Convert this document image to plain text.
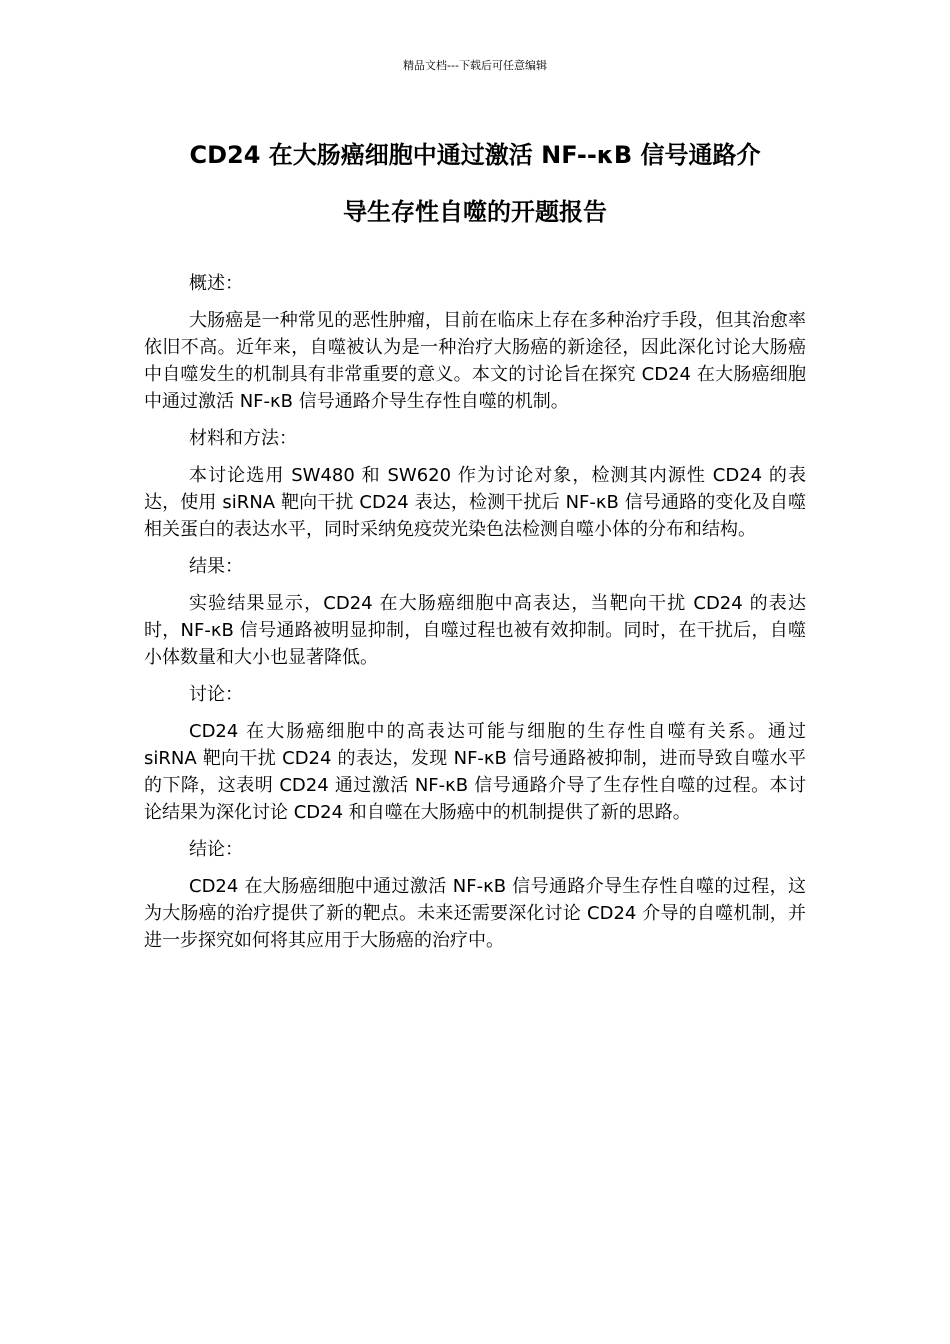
精品文档---下载后可任意编辑
CD24 在大肠癌细胞中通过激活 NF--κB 信号通路介
导生存性自噬的开题报告

概述：

大肠癌是一种常见的恶性肿瘤，目前在临床上存在多种治疗手段，但其治愈率依旧不高。近年来，自噬被认为是一种治疗大肠癌的新途径，因此深化讨论大肠癌中自噬发生的机制具有非常重要的意义。本文的讨论旨在探究 CD24 在大肠癌细胞中通过激活 NF-κB 信号通路介导生存性自噬的机制。

材料和方法：

本讨论选用 SW480 和 SW620 作为讨论对象，检测其内源性 CD24 的表达，使用 siRNA 靶向干扰 CD24 表达，检测干扰后 NF-κB 信号通路的变化及自噬相关蛋白的表达水平，同时采纳免疫荧光染色法检测自噬小体的分布和结构。

结果：

实验结果显示，CD24 在大肠癌细胞中高表达，当靶向干扰 CD24 的表达时，NF-κB 信号通路被明显抑制，自噬过程也被有效抑制。同时，在干扰后，自噬小体数量和大小也显著降低。

讨论：

CD24 在大肠癌细胞中的高表达可能与细胞的生存性自噬有关系。通过 siRNA 靶向干扰 CD24 的表达，发现 NF-κB 信号通路被抑制，进而导致自噬水平的下降，这表明 CD24 通过激活 NF-κB 信号通路介导了生存性自噬的过程。本讨论结果为深化讨论 CD24 和自噬在大肠癌中的机制提供了新的思路。

结论：

CD24 在大肠癌细胞中通过激活 NF-κB 信号通路介导生存性自噬的过程，这为大肠癌的治疗提供了新的靶点。未来还需要深化讨论 CD24 介导的自噬机制，并进一步探究如何将其应用于大肠癌的治疗中。
